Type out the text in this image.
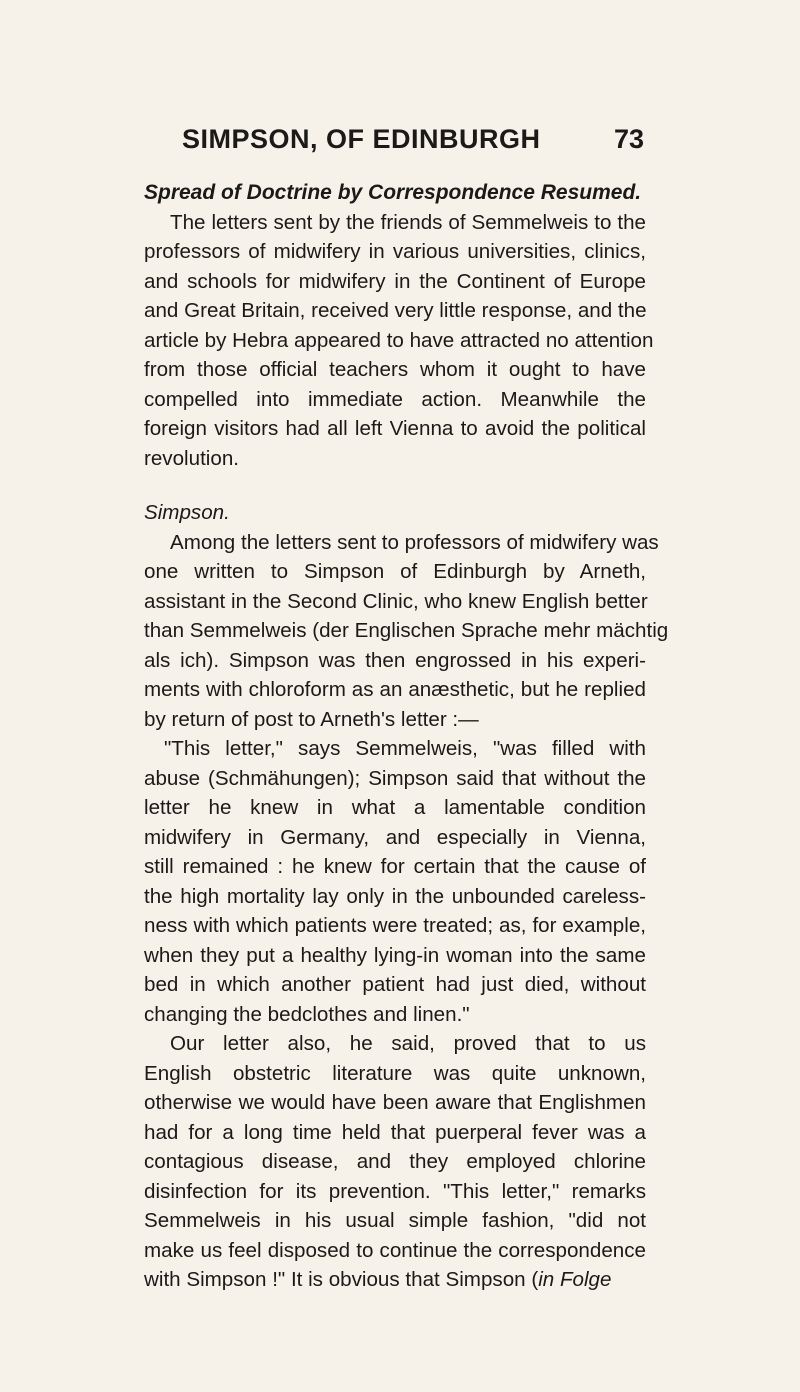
SIMPSON, OF EDINBURGH	73
Spread of Doctrine by Correspondence Resumed.
The letters sent by the friends of Semmelweis to the
professors of midwifery in various universities, clinics,
and schools for midwifery in the Continent of Europe
and Great Britain, received very little response, and the
article by Hebra appeared to have attracted no attention
from those official teachers whom it ought to have
compelled into immediate action. Meanwhile the
foreign visitors had all left Vienna to avoid the political
revolution.
Simpson.
Among the letters sent to professors of midwifery was
one written to Simpson of Edinburgh by Arneth,
assistant in the Second Clinic, who knew English better
than Semmelweis (der Englischen Sprache mehr mächtig
als ich). Simpson was then engrossed in his experi-
ments with chloroform as an anæsthetic, but he replied
by return of post to Arneth's letter :—
"This letter," says Semmelweis, "was filled with
abuse (Schmähungen); Simpson said that without the
letter he knew in what a lamentable condition
midwifery in Germany, and especially in Vienna,
still remained : he knew for certain that the cause of
the high mortality lay only in the unbounded careless-
ness with which patients were treated; as, for example,
when they put a healthy lying-in woman into the same
bed in which another patient had just died, without
changing the bedclothes and linen."
Our letter also, he said, proved that to us
English obstetric literature was quite unknown,
otherwise we would have been aware that Englishmen
had for a long time held that puerperal fever was a
contagious disease, and they employed chlorine
disinfection for its prevention. "This letter," remarks
Semmelweis in his usual simple fashion, "did not
make us feel disposed to continue the correspondence
with Simpson !" It is obvious that Simpson (in Folge
